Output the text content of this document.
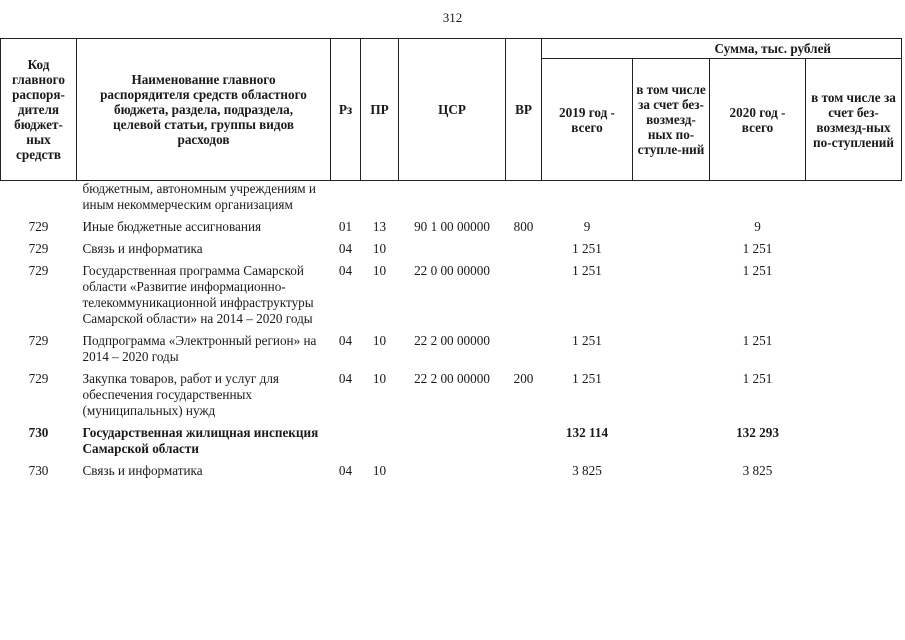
312
Код главного распоря-дителя бюджет-ных средств	Наименование главного распорядителя средств областного бюджета, раздела, подраздела, целевой статьи, группы видов расходов	Рз	ПР	ЦСР	ВР	Сумма, тыс. рублей			
						2019 год - всего	в том числе за счет без-возмезд-ных по-ступле-ний	2020 год - всего	в том числе за счет без-возмезд-ных по-ступлений
	бюджетным, автономным учреждениям и иным некоммерческим организациям								
729	Иные бюджетные ассигнования	01	13	90 1 00 00000	800	9		9	
729	Связь и информатика	04	10			1 251		1 251	
729	Государственная программа Самарской области «Развитие информационно-телекоммуникационной инфраструктуры Самарской области» на 2014 – 2020 годы	04	10	22 0 00 00000		1 251		1 251	
729	Подпрограмма «Электронный регион» на 2014 – 2020 годы	04	10	22 2 00 00000		1 251		1 251	
729	Закупка товаров, работ и услуг для обеспечения государственных (муниципальных) нужд	04	10	22 2 00 00000	200	1 251		1 251	
730	Государственная жилищная инспекция Самарской области					132 114		132 293	
730	Связь и информатика	04	10			3 825		3 825	
